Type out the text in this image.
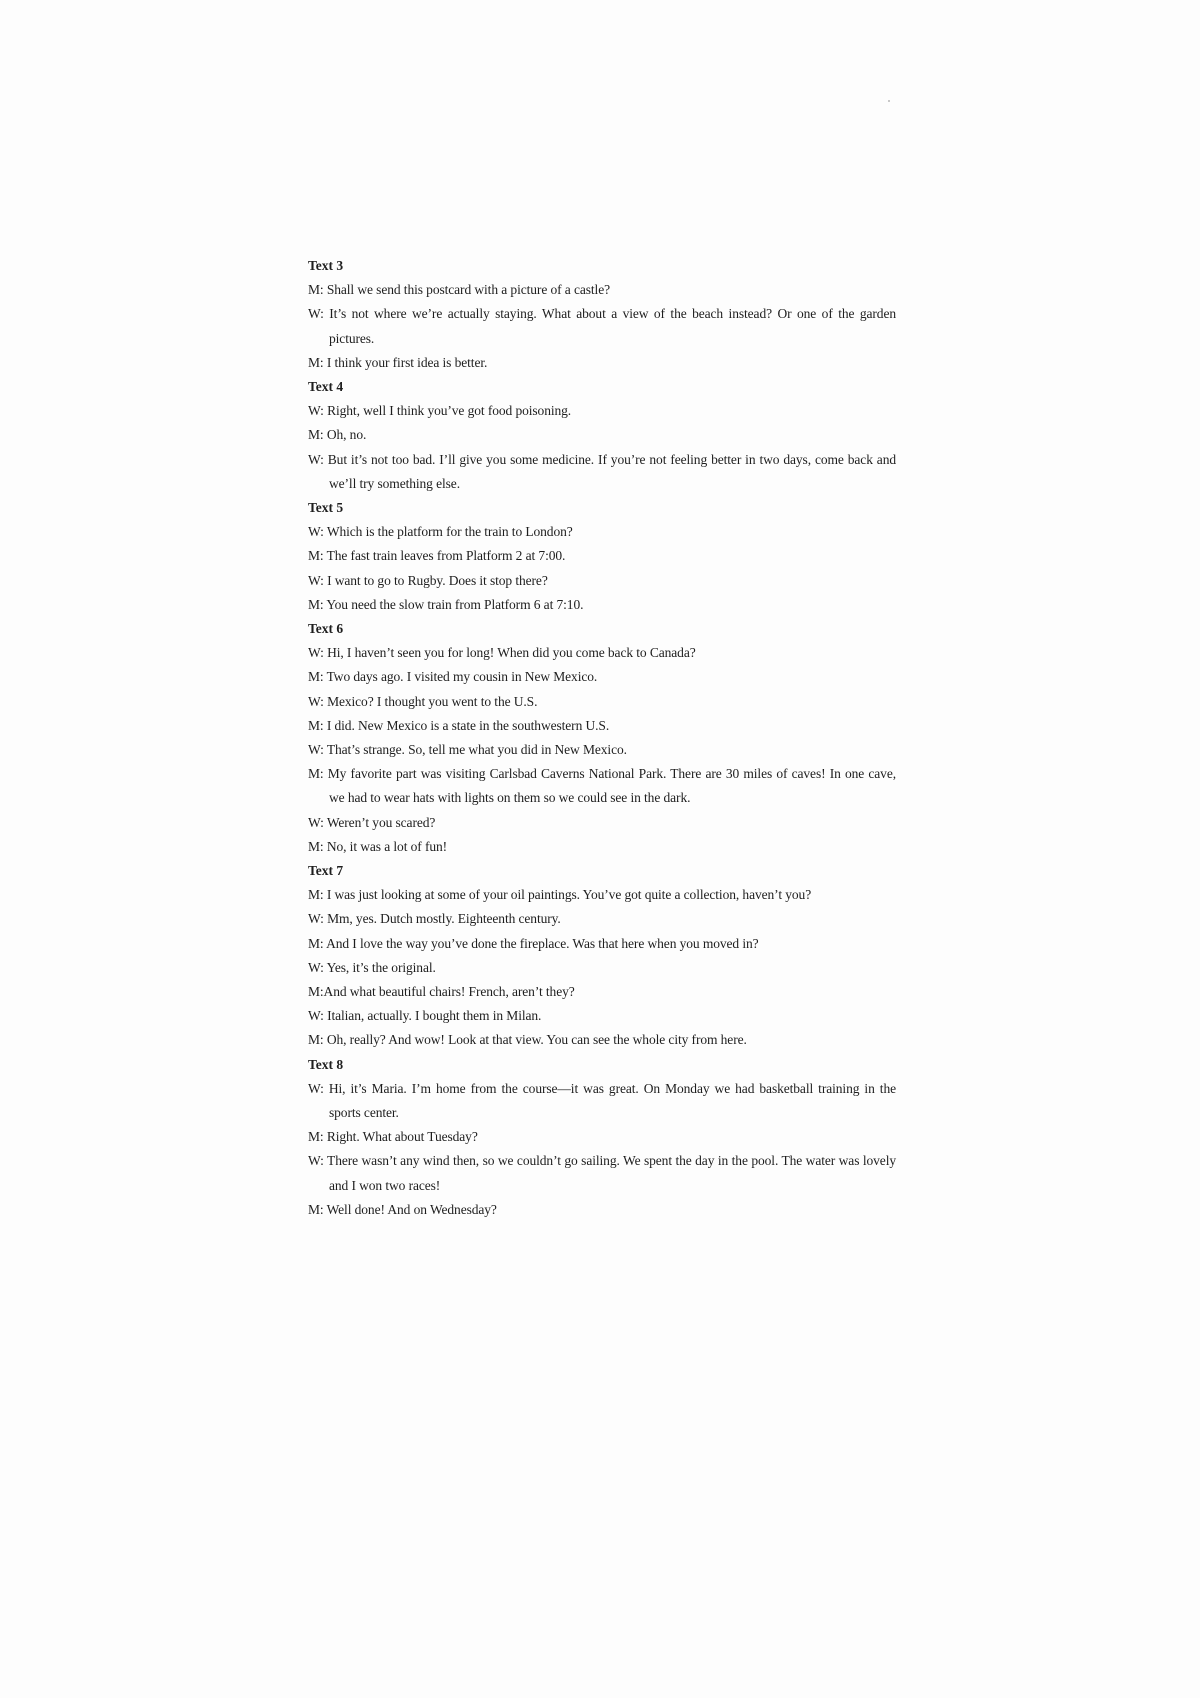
Text 3
M: Shall we send this postcard with a picture of a castle?
W: It’s not where we’re actually staying. What about a view of the beach instead? Or one of the garden pictures.
M: I think your first idea is better.
Text 4
W: Right, well I think you’ve got food poisoning.
M: Oh, no.
W: But it’s not too bad. I’ll give you some medicine. If you’re not feeling better in two days, come back and we’ll try something else.
Text 5
W: Which is the platform for the train to London?
M: The fast train leaves from Platform 2 at 7:00.
W: I want to go to Rugby. Does it stop there?
M: You need the slow train from Platform 6 at 7:10.
Text 6
W: Hi, I haven’t seen you for long! When did you come back to Canada?
M: Two days ago. I visited my cousin in New Mexico.
W: Mexico? I thought you went to the U.S.
M: I did. New Mexico is a state in the southwestern U.S.
W: That’s strange. So, tell me what you did in New Mexico.
M: My favorite part was visiting Carlsbad Caverns National Park. There are 30 miles of caves! In one cave, we had to wear hats with lights on them so we could see in the dark.
W: Weren’t you scared?
M: No, it was a lot of fun!
Text 7
M: I was just looking at some of your oil paintings. You’ve got quite a collection, haven’t you?
W: Mm, yes. Dutch mostly. Eighteenth century.
M: And I love the way you’ve done the fireplace. Was that here when you moved in?
W: Yes, it’s the original.
M:And what beautiful chairs! French, aren’t they?
W: Italian, actually. I bought them in Milan.
M: Oh, really? And wow! Look at that view. You can see the whole city from here.
Text 8
W: Hi, it’s Maria. I’m home from the course—it was great. On Monday we had basketball training in the sports center.
M: Right. What about Tuesday?
W: There wasn’t any wind then, so we couldn’t go sailing. We spent the day in the pool. The water was lovely and I won two races!
M: Well done! And on Wednesday?
